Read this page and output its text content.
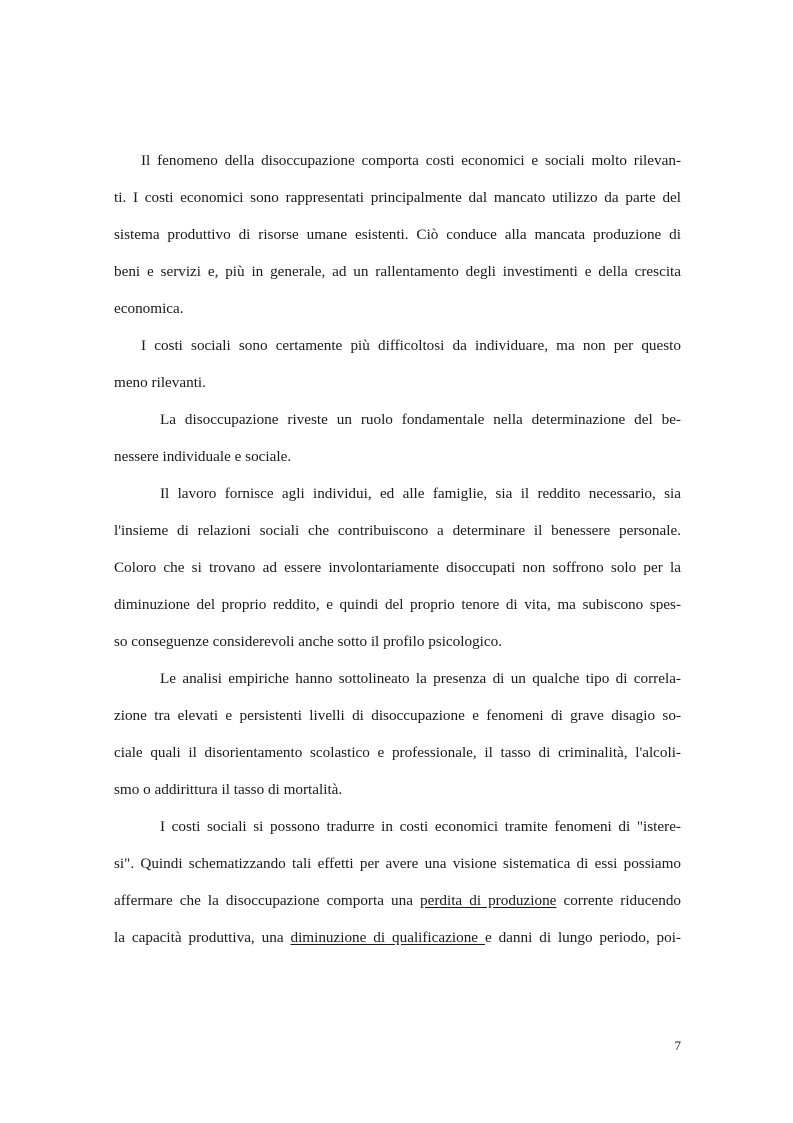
Il fenomeno della disoccupazione comporta costi economici e sociali molto rilevan-
ti. I costi economici sono rappresentati principalmente dal mancato utilizzo da parte del
sistema produttivo di risorse umane esistenti. Ciò conduce alla mancata produzione di
beni e servizi e, più in generale, ad un rallentamento degli investimenti e della crescita
economica.
I costi sociali sono certamente più difficoltosi da individuare, ma non per questo
meno rilevanti.
La disoccupazione riveste un ruolo fondamentale nella determinazione del be-
nessere individuale e sociale.
Il lavoro fornisce agli individui, ed alle famiglie, sia il reddito necessario, sia
l'insieme di relazioni sociali che contribuiscono a determinare il benessere personale.
Coloro che si trovano ad essere involontariamente disoccupati non soffrono solo per la
diminuzione del proprio reddito, e quindi del proprio tenore di vita, ma subiscono spes-
so conseguenze considerevoli anche sotto il profilo psicologico.
Le analisi empiriche hanno sottolineato la presenza di un qualche tipo di correla-
zione tra elevati e persistenti livelli di disoccupazione e fenomeni di grave disagio so-
ciale quali il disorientamento scolastico e professionale, il tasso di criminalità, l'alcoli-
smo o addirittura il tasso di mortalità.
I costi sociali si possono tradurre in costi economici tramite fenomeni di "istere-
si". Quindi schematizzando tali effetti per avere una visione sistematica di essi possiamo
affermare che la disoccupazione comporta una perdita di produzione corrente riducendo
la capacità produttiva, una diminuzione di qualificazione e danni di lungo periodo, poi-
7
